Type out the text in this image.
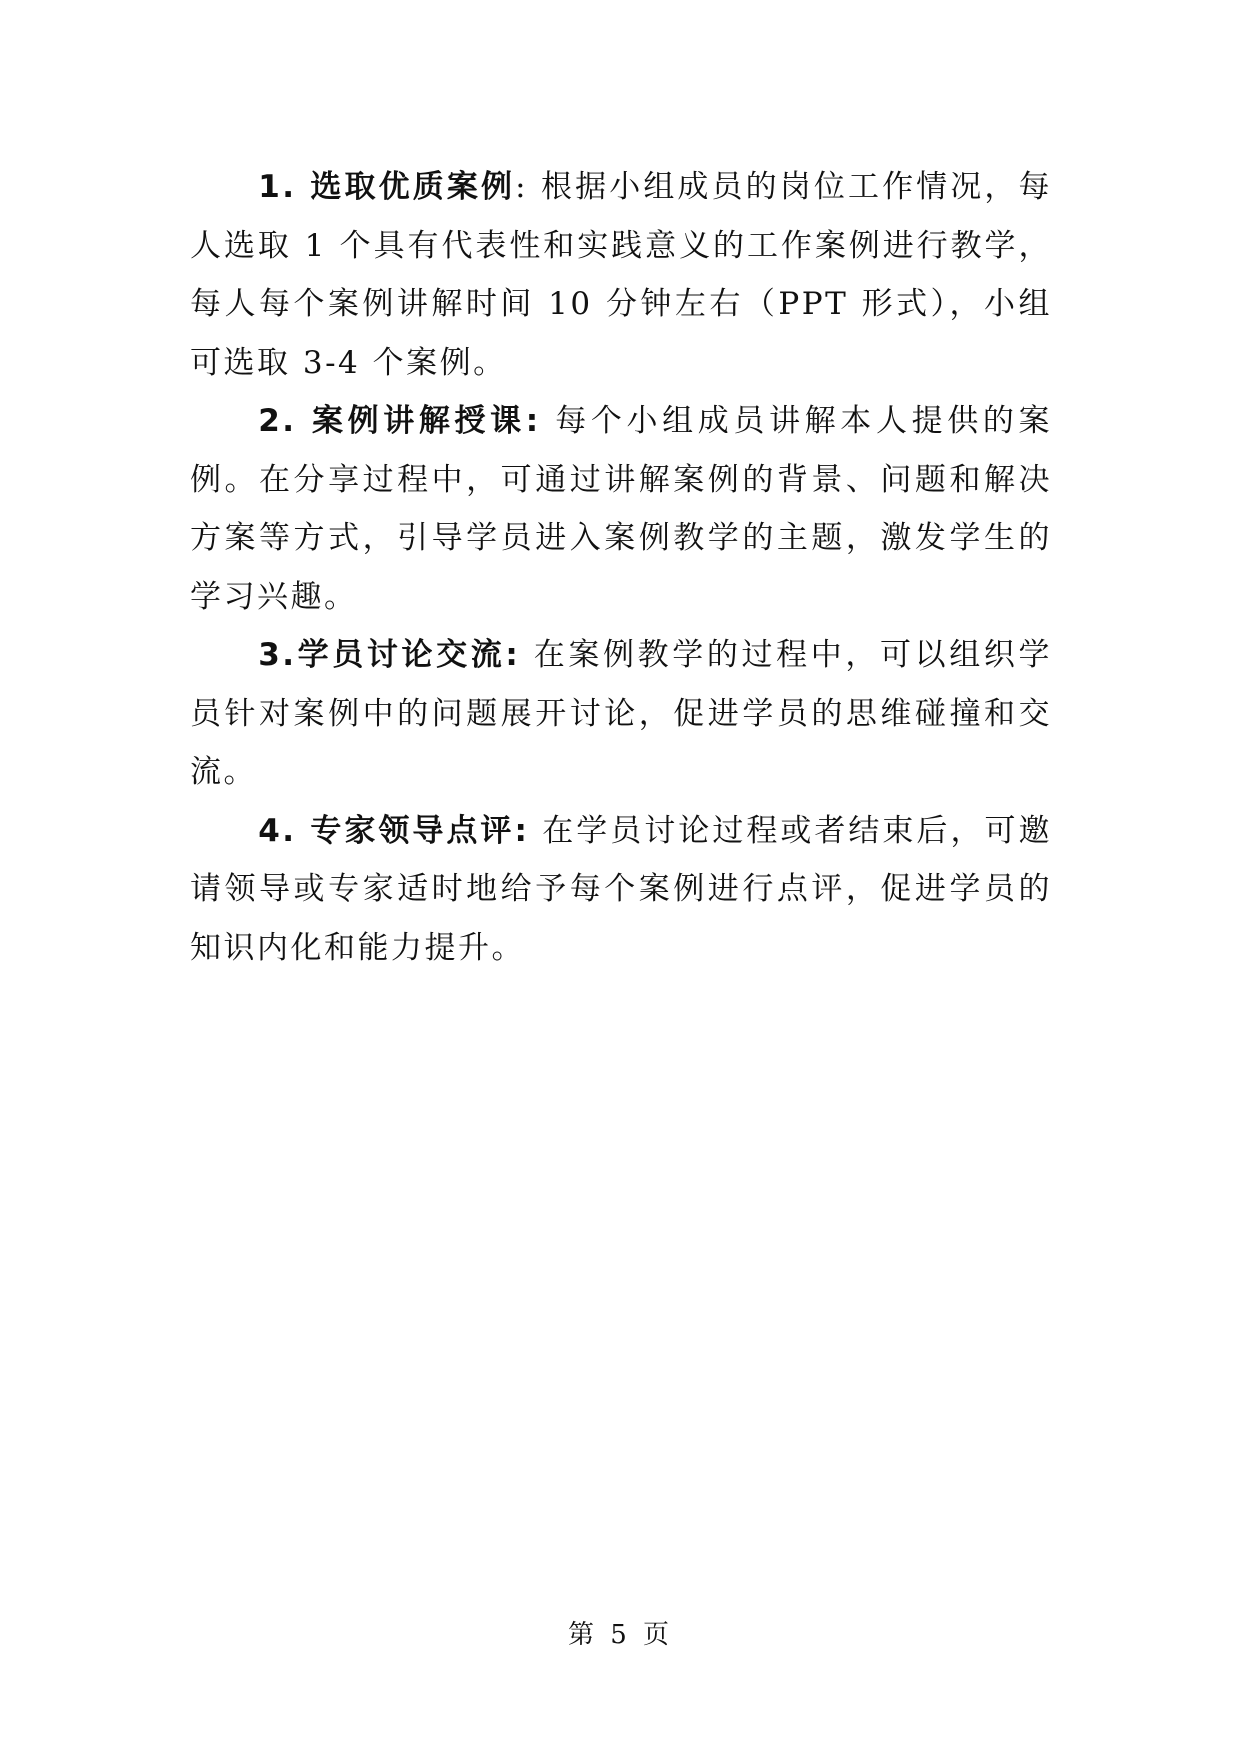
1. 选取优质案例: 根据小组成员的岗位工作情况，每人选取 1 个具有代表性和实践意义的工作案例进行教学，每人每个案例讲解时间 10 分钟左右（PPT 形式），小组可选取 3-4 个案例。

2. 案例讲解授课: 每个小组成员讲解本人提供的案例。在分享过程中，可通过讲解案例的背景、问题和解决方案等方式，引导学员进入案例教学的主题，激发学生的学习兴趣。

3.学员讨论交流: 在案例教学的过程中，可以组织学员针对案例中的问题展开讨论，促进学员的思维碰撞和交流。

4. 专家领导点评: 在学员讨论过程或者结束后，可邀请领导或专家适时地给予每个案例进行点评，促进学员的知识内化和能力提升。

第 5 页
